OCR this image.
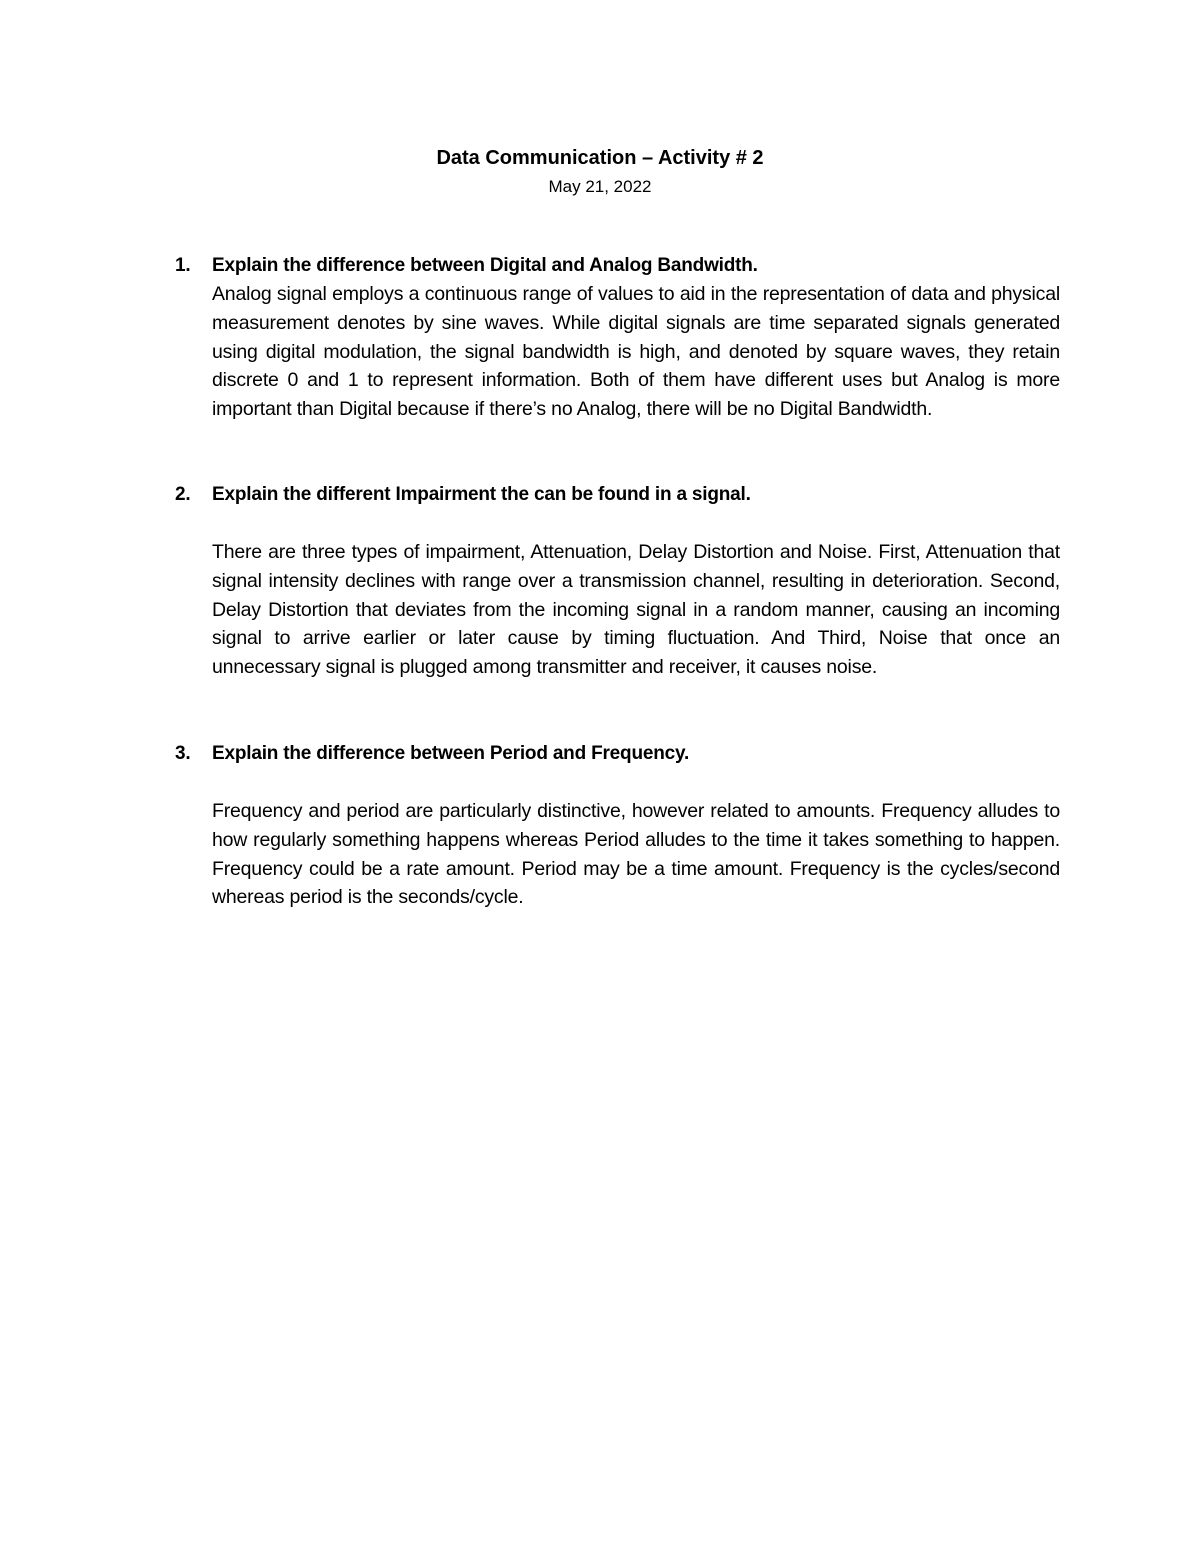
Data Communication – Activity # 2
May 21, 2022
1. Explain the difference between Digital and Analog Bandwidth.
Analog signal employs a continuous range of values to aid in the representation of data and physical measurement denotes by sine waves. While digital signals are time separated signals generated using digital modulation, the signal bandwidth is high, and denoted by square waves, they retain discrete 0 and 1 to represent information. Both of them have different uses but Analog is more important than Digital because if there’s no Analog, there will be no Digital Bandwidth.
2. Explain the different Impairment the can be found in a signal.
There are three types of impairment, Attenuation, Delay Distortion and Noise. First, Attenuation that signal intensity declines with range over a transmission channel, resulting in deterioration. Second, Delay Distortion that deviates from the incoming signal in a random manner, causing an incoming signal to arrive earlier or later cause by timing fluctuation. And Third, Noise that once an unnecessary signal is plugged among transmitter and receiver, it causes noise.
3. Explain the difference between Period and Frequency.
Frequency and period are particularly distinctive, however related to amounts. Frequency alludes to how regularly something happens whereas Period alludes to the time it takes something to happen. Frequency could be a rate amount. Period may be a time amount. Frequency is the cycles/second whereas period is the seconds/cycle.
